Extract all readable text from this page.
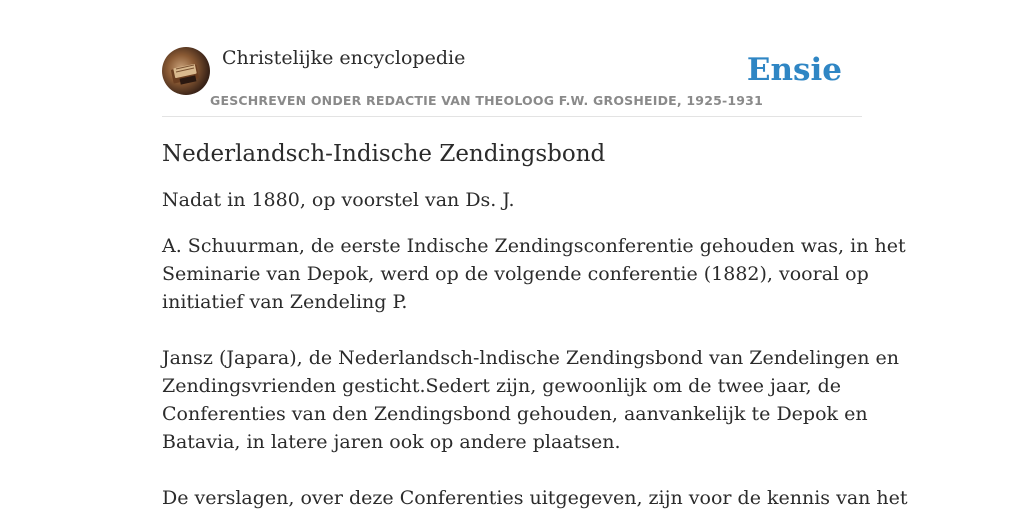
Christelijke encyclopedie
GESCHREVEN ONDER REDACTIE VAN THEOLOOG F.W. GROSHEIDE, 1925-1931
Ensie
Nederlandsch-Indische Zendingsbond

Nadat in 1880, op voorstel van Ds. J.

A. Schuurman, de eerste Indische Zendingsconferentie gehouden was, in het
Seminarie van Depok, werd op de volgende conferentie (1882), vooral op
initiatief van Zendeling P.
Jansz (Japara), de Nederlandsch-lndische Zendingsbond van Zendelingen en
Zendingsvrienden gesticht.Sedert zijn, gewoonlijk om de twee jaar, de
Conferenties van den Zendingsbond gehouden, aanvankelijk te Depok en
Batavia, in latere jaren ook op andere plaatsen.
De verslagen, over deze Conferenties uitgegeven, zijn voor de kennis van het
